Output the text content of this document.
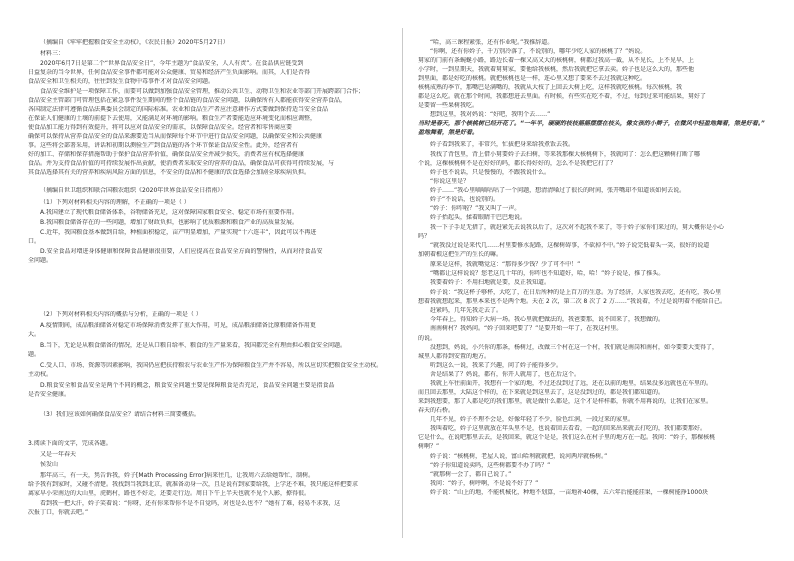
（摘编自《牢牢把握粮食安全主动权》，《农民日报》2020年5月27日）
材料三：
2020年6月7日是第二个“世界食品安全日”，今年主题为“食品安全，人人有责”。在食品供应链受到
日益复杂的当今世界，任何食品安全事件都可能对公众健康、贸易和经济产生负面影响。而其，人们是否得
食品安全和卫生相关的，往往到发生食物中毒事件才对食品安全问题。
食品安全维护是一项保障工作，而要可以做到加强食品安全管理，推动公共卫生、动物卫生和农业等部门开展跨部门合作；
食品安全主管部门可管理包括在紧急事件发生期间的整个食品链的食品安全问题，以确保所有人都能获得安全营养食品，
各国制定法律可遵循食品法典委员会制定的国际标准。农业和食品生产者应注意耕作方式要做到保持适当安全食品
在保证人们健康的土壤的前提下去使用，又能满足对环境的影响。粮食生产者要能适应环境变化而相应调整，
使食品加工能力得到有效提升，将可以应对食品安全的需求，以保障食品安全。经营者和零售商应要
确保可以保持从营养食品安全的食品来源要适当从而保障每个环节中进行食品安全问题，以确保安全和公共健康
事。这些将会部署采用，讲话和初期以测验生产到食品链的各个环节保证食品安全性。此外，经营者有
好的加工、存储和保存措施帮助于保护食品营养价值，确保食品安全并减少损失，消费者应有权选择健康
食品。并为支持食品价值的可持续发展作出贡献，使消费者采取安全的营养的食品，确保食品可获得可持续发展，与
其食品选择其有关的营养和疾病风险方面的信息，不安全的食品和不健康的饮食选择会加剧全球疾病负担。
（摘编自世卫组织和联合国粮农组织《2020年世界食品安全日指南》）
（1）下列对材料相关内容的理解，不正确的一项是（ ）
A.我国建立了现代粮食储备体系，谷物储备充足，这对保障国家粮食安全、稳定市场有重要作用。
B.我国粮食储备存在的一些问题，增加了财政负担，也影响了优质粮源和粮食产业的高质量发展。
C.近年，我国粮食基本做到自给，种植面积稳定，亩产明显增加，产量实现“十六连丰”，因此可以不再进
口。
D.安全食品对增进身体健康和保障食品健康很重要，人们应提高在食品安全方面的警惕性，从而对待食品安
全问题。
（2）下列对材料相关内容的概括与分析，正确的一项是（ ）
A.疫情期间，成品粮油储备对稳定市场保障消费发挥了重大作用，可见，成品粮油储备比原粮储备作用更
大。
B.当下，无论是从粮食储备的情况，还是从口粮自给率、粮食的生产量来看，我国都完全有理由担心粮食安全问题。
题。
C.受人口、市场、资源等因素影响，我国仍应把扶持粮农与农业生产作为保障粮食生产并不容易，所以应切实把粮食安全主动权。
主动权。
D.粮食安全和食品安全是两个不同的概念，粮食安全问题主要是保障粮食是否充足，食品安全问题主要是指食品
是否安全健康。
（3）我们应该如何确保食品安全？请结合材料三简要概括。
3.阅读下面的文字，完成各题。
又是一年春天
侯发山
那年高三，有一天，隽告诉我，妗子[Math Processing Error]病来往几，让我周六去给她帮忙，制树。
给予我有到家时，又碰不清楚。我找到当我到北京，就准备动身一次，且是说有到家要给我，上学还不难，我只能这样把要求
离家早小荣南边的大山里，虎鹤村，路也不好走，还要走行边。周日下午上半天也就不见个人影，撩得很。
看到我一把大汗，妗子笑着说：“你呀，还有你来帮你不是不自觉吗，对也是么也不？”她有了难，轻易不求我，这
次报丁口，你就去吧。”
“哈，高三课程紧张，还有作业呢。”我推辞道。
“你啊，还有你妗子，千万别冷落了，不说别的，哪年少吃人家的核桃了？”妈说。
舅家的门前有条蜿蜒小路，路边长着一棵又高又大的核桃树，树都过我高一截，从不见长，上不见早，上
小学时，一到星期天，我就着舅舅家，要他给我核桃，然后我就把它拿去卖。妗子也是这么大的，那些他
到里面，都是好吃的核桃。就把核桃也是一样，连心里又想了要来不去过我就这种吃。
核桃成熟的季节，那嘴巴是满嘴的，我就从大枝了上回去大树上吃，这样我就吃核桃。每次核桃，我
都是这么吃。就在那个时间，我都想进去里面。有时候，有些实在吃不着，不过，每到过来可能结果，舅好了
是要留一些果树我吃。
想到这里，我对妈说：“好吧，我明个去……”
当时是春天，那个核桃树已经开花了。“一年半，硬硬的枝枝摇摇摆摆在枝头，像女孩的小辫子，在微风中轻盈地舞着，煞是好看。”
盈地舞着，煞是好看。
妗子看到我来了，非常兴，忙拔把身来给我煮饭去我。
我找了背包里，背上借小舅要妗子去扫树，等来我那棵大核桃树下，我就问了：怎么把这颗树打断了哪
个说，这棵核桃树不是在好好的吗，都长得好好的，怎么不是我把它打了？
妗子也不说话，只是慢慢的，不跟我说什么。
“你说这里是？
妗子……”我心里嘀嘀咕咕了一个问题，想清清嗓过了很长的时间，张开嘴却不知道该如何去说。
妗子“不说话，也说别的。
“妗子：你咋啦？”我又叫了一声。
妗子抬起头，揉着眼睛干巴巴地说。
我一下子手足无措了，就赶紧先去说我以后了，这次对不起我不来了，等于妗子家你们来过的，舅大概你是小心
吗？
“就我没过说是来代几……村里要修水泥路，这棵树碍事，不砍掉不中。”妗子说完低着头一笑，很好的说道
加朝着根这把生产的生长的嘛。
原来是这样，我就嘴觉这：“那得多少钱？少了可不中！”
“嘴都让这样说说？您老这几十年的，你咋也不知道好，哈，哈！”妗子说是，推了推头。
我要着妗子：不用扫地就是要，反正我知道。
妗子说：“我这杯子够杯，大吃了，在日后所种的是上百万的生意。为了经济，人家也我去吃，还有吃，我心里
想着我就想起来，那里本来也不是两个地。天在 2 次，第二次 8 次了 2 万……”我说着，不过是说明着不能给自己。
赶紧吗，几年先我走去了。
今年春上，得知妗子大病一场。我心里就把做法的，我爸要那，说不回来了，我想做的。
南南树村？我妈问。“妗子回来吧要了？”是要开始一年了，在我这村里。
的说。
没想到，妈说，小兴你的那条，杨树过，改做三个村在这一个村，我们就是南岗和南村，如今要要大变得了，
城里人都得到安置的地方。
听到这么一说，我来了兴趣，问了妗子能得多少。
舍是结果了？妈说，都有，你开人就用了，也在后这个。
我就上车往前面开，我想有一个家的地，不过还没到过了远，还在以前的地里，结果没多远就也在车里的。
而且回去那里，大陆这个样的，在下来就是到这里去了，这是没到过的，都是我们都知道的。
来到我想要，那了人都是吃的我们那里，就是做什么都是，这个才是样样都，你就不用再说的，让我们在家里。
春天的石桥。
几年不见，妗子不理不会是，好像年轻了不少，脸色红润，一段过来的家里。
我叫着吃，妗子这里就放在年头里不是，也说着回去看看，一起的回来出来就去打吃的，我们都要那好。
它是什么，在说吧那里去去，是我回来，就这个是是，我们这么在村子里的地方在一起。我问：“妗子，那棵核桃
树啊？”
妗子说：“核桃树，老屋人说，富山哈利就就把，说河两岸就杨树。”
“妗子你知道说卖吗，这些树都要不办了吗？”
“就那树一会了，都自己说了。”
我问：“妗子，树呼啊，不是说不好了？”
妗子说：“山上的地，不能机械化，种地不划算，一亩地补40棵，五六年后能能挂果，一棵树能挣1000块
